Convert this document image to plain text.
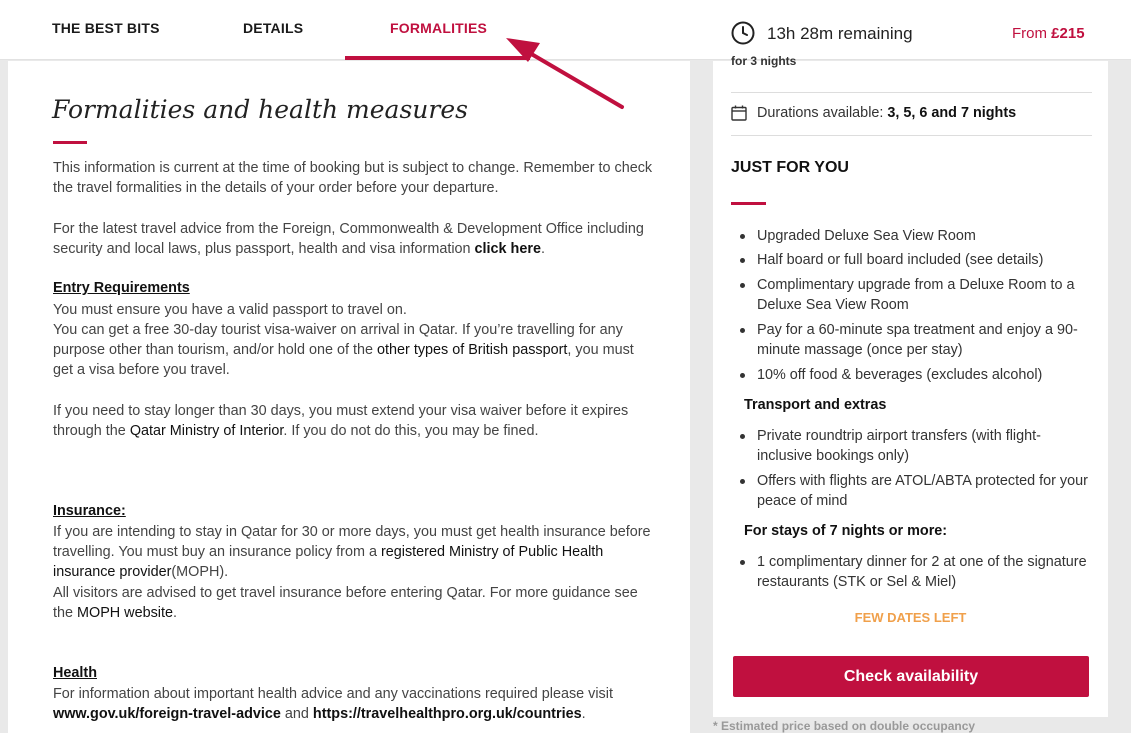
THE BEST BITS	DETAILS	FORMALITIES	13h 28m remaining	From £215
Formalities and health measures

This information is current at the time of booking but is subject to change. Remember to check the travel formalities in the details of your order before your departure.

For the latest travel advice from the Foreign, Commonwealth & Development Office including security and local laws, plus passport, health and visa information click here.

Entry Requirements

You must ensure you have a valid passport to travel on.

You can get a free 30-day tourist visa-waiver on arrival in Qatar. If you’re travelling for any purpose other than tourism, and/or hold one of the other types of British passport, you must get a visa before you travel.

If you need to stay longer than 30 days, you must extend your visa waiver before it expires through the Qatar Ministry of Interior. If you do not do this, you may be fined.

Insurance:

If you are intending to stay in Qatar for 30 or more days, you must get health insurance before travelling. You must buy an insurance policy from a registered Ministry of Public Health insurance provider(MOPH).

All visitors are advised to get travel insurance before entering Qatar. For more guidance see the MOPH website.

Health

For information about important health advice and any vaccinations required please visit www.gov.uk/foreign-travel-advice and https://travelhealthpro.org.uk/countries.

for 3 nights
Durations available: 3, 5, 6 and 7 nights
JUST FOR YOU
Upgraded Deluxe Sea View Room
Half board or full board included (see details)
Complimentary upgrade from a Deluxe Room to a Deluxe Sea View Room
Pay for a 60-minute spa treatment and enjoy a 90-minute massage (once per stay)
10% off food & beverages (excludes alcohol)
Transport and extras
Private roundtrip airport transfers (with flight-inclusive bookings only)
Offers with flights are ATOL/ABTA protected for your peace of mind
For stays of 7 nights or more:
1 complimentary dinner for 2 at one of the signature restaurants (STK or Sel & Miel)
FEW DATES LEFT
Check availability
* Estimated price based on double occupancy
